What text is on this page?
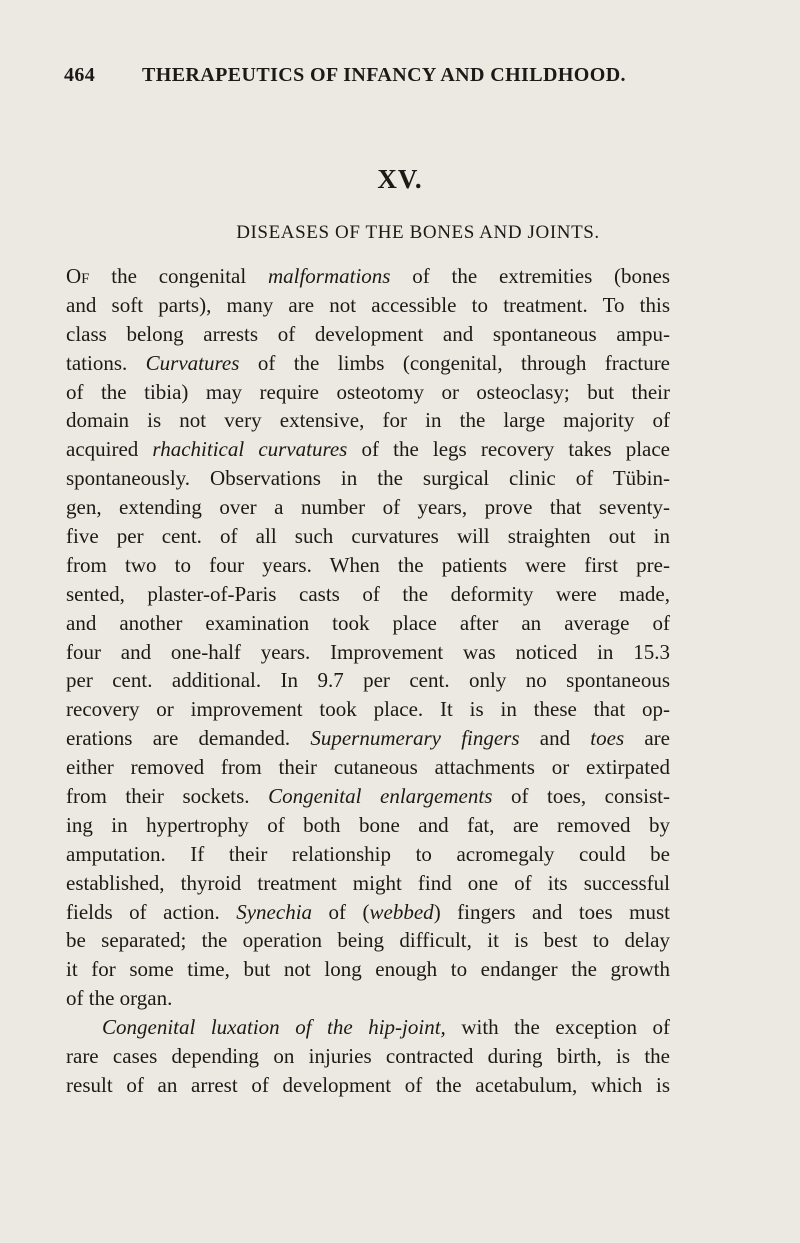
464 THERAPEUTICS OF INFANCY AND CHILDHOOD.
XV.
DISEASES OF THE BONES AND JOINTS.
Of the congenital malformations of the extremities (bones
and soft parts), many are not accessible to treatment. To this
class belong arrests of development and spontaneous ampu-
tations. Curvatures of the limbs (congenital, through fracture
of the tibia) may require osteotomy or osteoclasy; but their
domain is not very extensive, for in the large majority of
acquired rhachitical curvatures of the legs recovery takes place
spontaneously. Observations in the surgical clinic of Tübin-
gen, extending over a number of years, prove that seventy-
five per cent. of all such curvatures will straighten out in
from two to four years. When the patients were first pre-
sented, plaster-of-Paris casts of the deformity were made,
and another examination took place after an average of
four and one-half years. Improvement was noticed in 15.3
per cent. additional. In 9.7 per cent. only no spontaneous
recovery or improvement took place. It is in these that op-
erations are demanded. Supernumerary fingers and toes are
either removed from their cutaneous attachments or extirpated
from their sockets. Congenital enlargements of toes, consist-
ing in hypertrophy of both bone and fat, are removed by
amputation. If their relationship to acromegaly could be
established, thyroid treatment might find one of its successful
fields of action. Synechia of (webbed) fingers and toes must
be separated; the operation being difficult, it is best to delay
it for some time, but not long enough to endanger the growth
of the organ.
Congenital luxation of the hip-joint, with the exception of
rare cases depending on injuries contracted during birth, is the
result of an arrest of development of the acetabulum, which is
